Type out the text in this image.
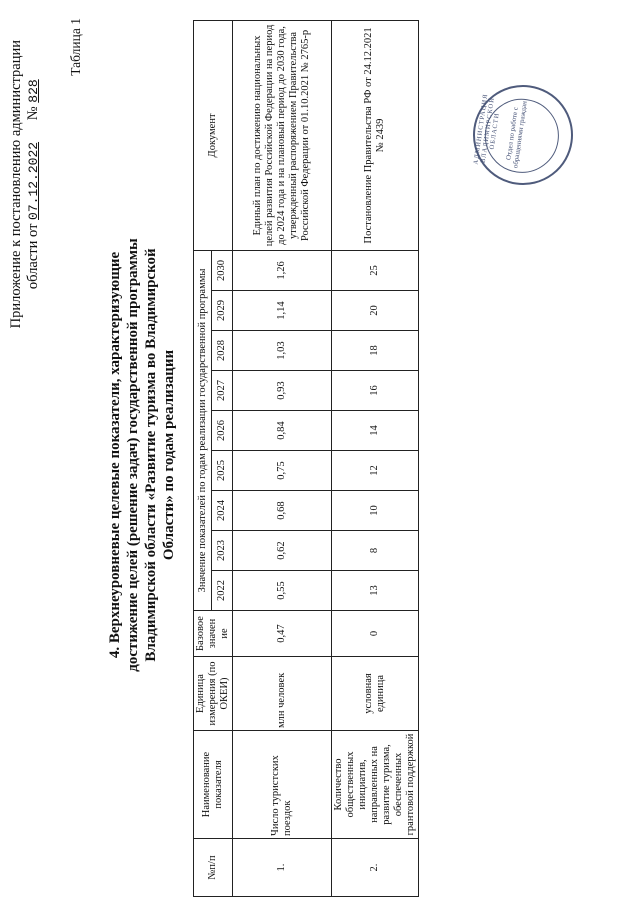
Приложение к постановлению администрации области от 07.12.2022      № 828
Таблица 1
4. Верхнеуровневые целевые показатели, характеризующие достижение целей (решение задач) государственной программы Владимирской области «Развитие туризма во Владимирской Области» по годам реализации
№п/п	Наименование показателя	Единица измерения (по ОКЕИ)	Базовое значен ие	Значение показателей по годам реализации государственной программы									Документ
				2022	2023	2024	2025	2026	2027	2028	2029	2030	
1.	Число туристских поездок	млн человек	0,47	0,55	0,62	0,68	0,75	0,84	0,93	1,03	1,14	1,26	Единый план по достижению национальных целей развития Российской Федерации на период до 2024 года и на плановый период до 2030 года, утвержденный распоряжением Правительства Российской Федерации от 01.10.2021 № 2765-р
2.	Количество общественных инициатив, направленных на развитие туризма, обеспеченных грантовой поддержкой	условная единица	0	13	8	10	12	14	16	18	20	25	Постановление Правительства РФ от 24.12.2021 № 2439	АДМИНИСТРАЦИЯ ВЛАДИМИРСКОЙ ОБЛАСТИ Отдел по работе с обращениями граждан
